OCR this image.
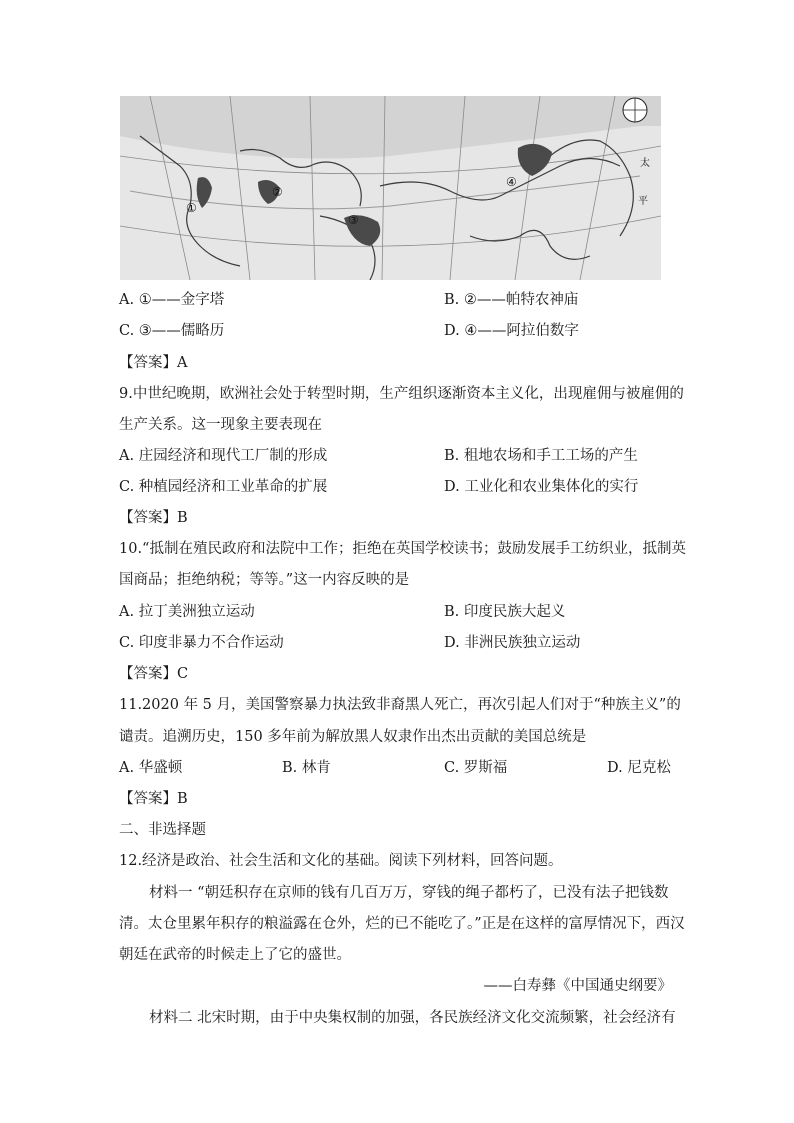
①
②
③
④
太
平
A. ①——金字塔	B. ②——帕特农神庙
C. ③——儒略历	D. ④——阿拉伯数字
【答案】A
9.中世纪晚期，欧洲社会处于转型时期，生产组织逐渐资本主义化，出现雇佣与被雇佣的
生产关系。这一现象主要表现在
A. 庄园经济和现代工厂制的形成	B. 租地农场和手工工场的产生
C. 种植园经济和工业革命的扩展	D. 工业化和农业集体化的实行
【答案】B
10.“抵制在殖民政府和法院中工作；拒绝在英国学校读书；鼓励发展手工纺织业，抵制英
国商品；拒绝纳税；等等。”这一内容反映的是
A. 拉丁美洲独立运动	B. 印度民族大起义
C. 印度非暴力不合作运动	D. 非洲民族独立运动
【答案】C
11.2020 年 5 月，美国警察暴力执法致非裔黑人死亡，再次引起人们对于“种族主义”的
谴责。追溯历史，150 多年前为解放黑人奴隶作出杰出贡献的美国总统是
A. 华盛顿	B. 林肯	C. 罗斯福	D. 尼克松
【答案】B
二、非选择题
12.经济是政治、社会生活和文化的基础。阅读下列材料，回答问题。
材料一 “朝廷积存在京师的钱有几百万万，穿钱的绳子都朽了，已没有法子把钱数
清。太仓里累年积存的粮溢露在仓外，烂的已不能吃了。”正是在这样的富厚情况下，西汉
朝廷在武帝的时候走上了它的盛世。
——白寿彝《中国通史纲要》
材料二 北宋时期，由于中央集权制的加强，各民族经济文化交流频繁，社会经济有
